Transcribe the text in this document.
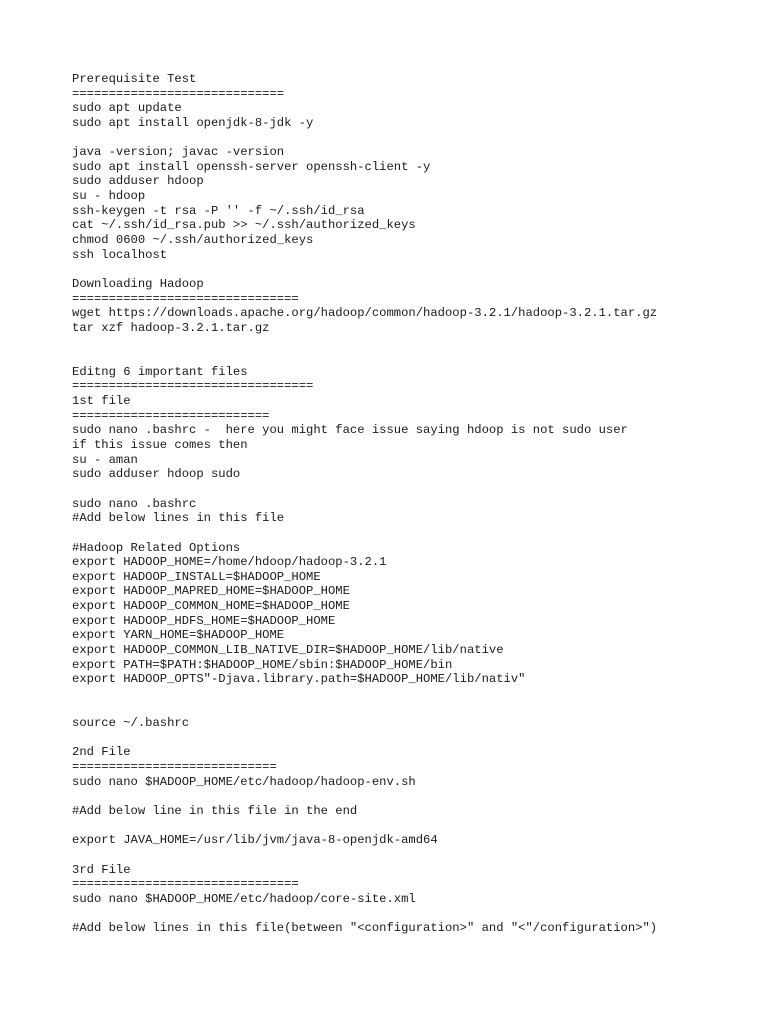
Prerequisite Test
=============================
sudo apt update
sudo apt install openjdk-8-jdk -y
java -version; javac -version
sudo apt install openssh-server openssh-client -y
sudo adduser hdoop
su - hdoop
ssh-keygen -t rsa -P '' -f ~/.ssh/id_rsa
cat ~/.ssh/id_rsa.pub >> ~/.ssh/authorized_keys
chmod 0600 ~/.ssh/authorized_keys
ssh localhost
Downloading Hadoop
===============================
wget https://downloads.apache.org/hadoop/common/hadoop-3.2.1/hadoop-3.2.1.tar.gz
tar xzf hadoop-3.2.1.tar.gz
Editng 6 important files
=================================
1st file
===========================
sudo nano .bashrc -  here you might face issue saying hdoop is not sudo user
if this issue comes then
su - aman
sudo adduser hdoop sudo
sudo nano .bashrc
#Add below lines in this file
#Hadoop Related Options
export HADOOP_HOME=/home/hdoop/hadoop-3.2.1
export HADOOP_INSTALL=$HADOOP_HOME
export HADOOP_MAPRED_HOME=$HADOOP_HOME
export HADOOP_COMMON_HOME=$HADOOP_HOME
export HADOOP_HDFS_HOME=$HADOOP_HOME
export YARN_HOME=$HADOOP_HOME
export HADOOP_COMMON_LIB_NATIVE_DIR=$HADOOP_HOME/lib/native
export PATH=$PATH:$HADOOP_HOME/sbin:$HADOOP_HOME/bin
export HADOOP_OPTS"-Djava.library.path=$HADOOP_HOME/lib/nativ"
source ~/.bashrc
2nd File
============================
sudo nano $HADOOP_HOME/etc/hadoop/hadoop-env.sh
#Add below line in this file in the end
export JAVA_HOME=/usr/lib/jvm/java-8-openjdk-amd64
3rd File
===============================
sudo nano $HADOOP_HOME/etc/hadoop/core-site.xml
#Add below lines in this file(between "<configuration>" and "<"/configuration>")
